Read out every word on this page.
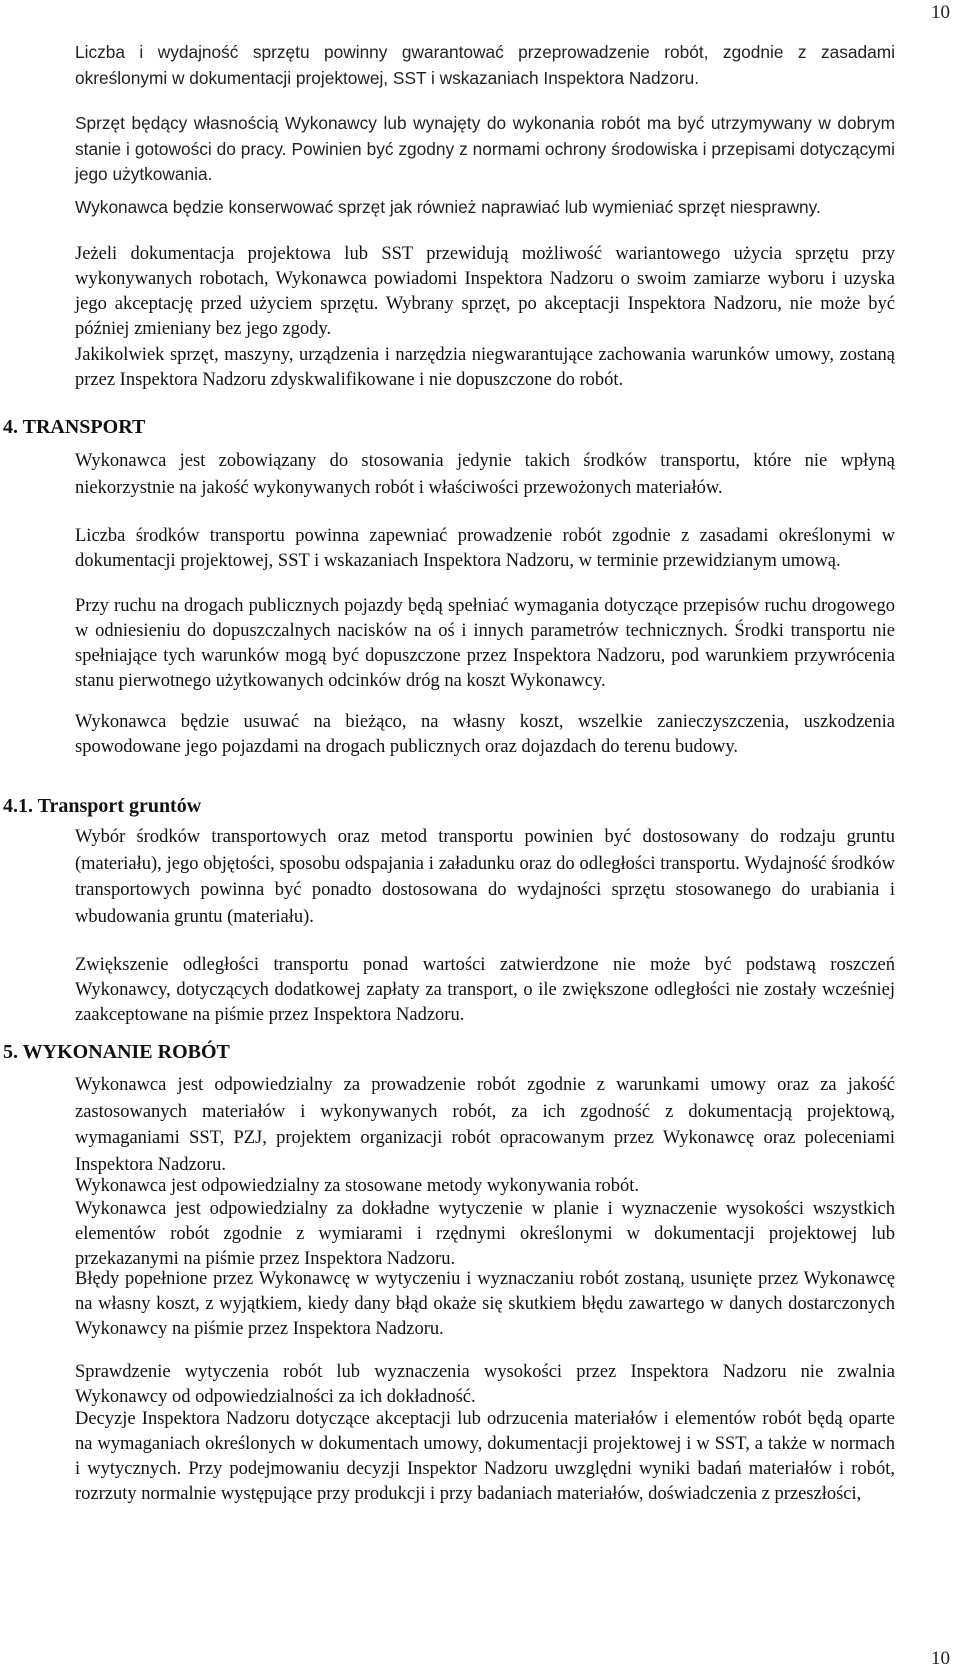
10

Liczba i wydajność sprzętu powinny gwarantować przeprowadzenie robót, zgodnie z zasadami określonymi w dokumentacji projektowej, SST i wskazaniach Inspektora Nadzoru.

Sprzęt będący własnością Wykonawcy lub wynajęty do wykonania robót ma być utrzymywany w dobrym stanie i gotowości do pracy. Powinien być zgodny z normami ochrony środowiska i przepisami dotyczącymi jego użytkowania.

Wykonawca będzie konserwować sprzęt jak również naprawiać lub wymieniać sprzęt niesprawny.

Jeżeli dokumentacja projektowa lub SST przewidują możliwość wariantowego użycia sprzętu przy wykonywanych robotach, Wykonawca powiadomi Inspektora Nadzoru o swoim zamiarze wyboru i uzyska jego akceptację przed użyciem sprzętu. Wybrany sprzęt, po akceptacji Inspektora Nadzoru, nie może być później zmieniany bez jego zgody.

Jakikolwiek sprzęt, maszyny, urządzenia i narzędzia niegwarantujące zachowania warunków umowy, zostaną przez Inspektora Nadzoru zdyskwalifikowane i nie dopuszczone do robót.

4. TRANSPORT

Wykonawca jest zobowiązany do stosowania jedynie takich środków transportu, które nie wpłyną niekorzystnie na jakość wykonywanych robót i właściwości przewożonych materiałów.

Liczba środków transportu powinna zapewniać prowadzenie robót zgodnie z zasadami określonymi w dokumentacji projektowej, SST i wskazaniach Inspektora Nadzoru, w terminie przewidzianym umową.

Przy ruchu na drogach publicznych pojazdy będą spełniać wymagania dotyczące przepisów ruchu drogowego w odniesieniu do dopuszczalnych nacisków na oś i innych parametrów technicznych. Środki transportu nie spełniające tych warunków mogą być dopuszczone przez Inspektora Nadzoru, pod warunkiem przywrócenia stanu pierwotnego użytkowanych odcinków dróg na koszt Wykonawcy.

Wykonawca będzie usuwać na bieżąco, na własny koszt, wszelkie zanieczyszczenia, uszkodzenia spowodowane jego pojazdami na drogach publicznych oraz dojazdach do terenu budowy.

4.1. Transport gruntów

Wybór środków transportowych oraz metod transportu powinien być dostosowany do rodzaju gruntu (materiału), jego objętości, sposobu odspajania i załadunku oraz do odległości transportu. Wydajność środków transportowych powinna być ponadto dostosowana do wydajności sprzętu stosowanego do urabiania i wbudowania gruntu (materiału).

Zwiększenie odległości transportu ponad wartości zatwierdzone nie może być podstawą roszczeń Wykonawcy, dotyczących dodatkowej zapłaty za transport, o ile zwiększone odległości nie zostały wcześniej zaakceptowane na piśmie przez Inspektora Nadzoru.

5. WYKONANIE ROBÓT

Wykonawca jest odpowiedzialny za prowadzenie robót zgodnie z warunkami umowy oraz za jakość zastosowanych materiałów i wykonywanych robót, za ich zgodność z dokumentacją projektową, wymaganiami SST, PZJ, projektem organizacji robót opracowanym przez Wykonawcę oraz poleceniami Inspektora Nadzoru.

Wykonawca jest odpowiedzialny za stosowane metody wykonywania robót.

Wykonawca jest odpowiedzialny za dokładne wytyczenie w planie i wyznaczenie wysokości wszystkich elementów robót zgodnie z wymiarami i rzędnymi określonymi w dokumentacji projektowej lub przekazanymi na piśmie przez Inspektora Nadzoru.

Błędy popełnione przez Wykonawcę w wytyczeniu i wyznaczaniu robót zostaną, usunięte przez Wykonawcę na własny koszt, z wyjątkiem, kiedy dany błąd okaże się skutkiem błędu zawartego w danych dostarczonych Wykonawcy na piśmie przez Inspektora Nadzoru.

Sprawdzenie wytyczenia robót lub wyznaczenia wysokości przez Inspektora Nadzoru nie zwalnia Wykonawcy od odpowiedzialności za ich dokładność.

Decyzje Inspektora Nadzoru dotyczące akceptacji lub odrzucenia materiałów i elementów robót będą oparte na wymaganiach określonych w dokumentach umowy, dokumentacji projektowej i w SST, a także w normach i wytycznych. Przy podejmowaniu decyzji Inspektor Nadzoru uwzględni wyniki badań materiałów i robót, rozrzuty normalnie występujące przy produkcji i przy badaniach materiałów, doświadczenia z przeszłości,

10
